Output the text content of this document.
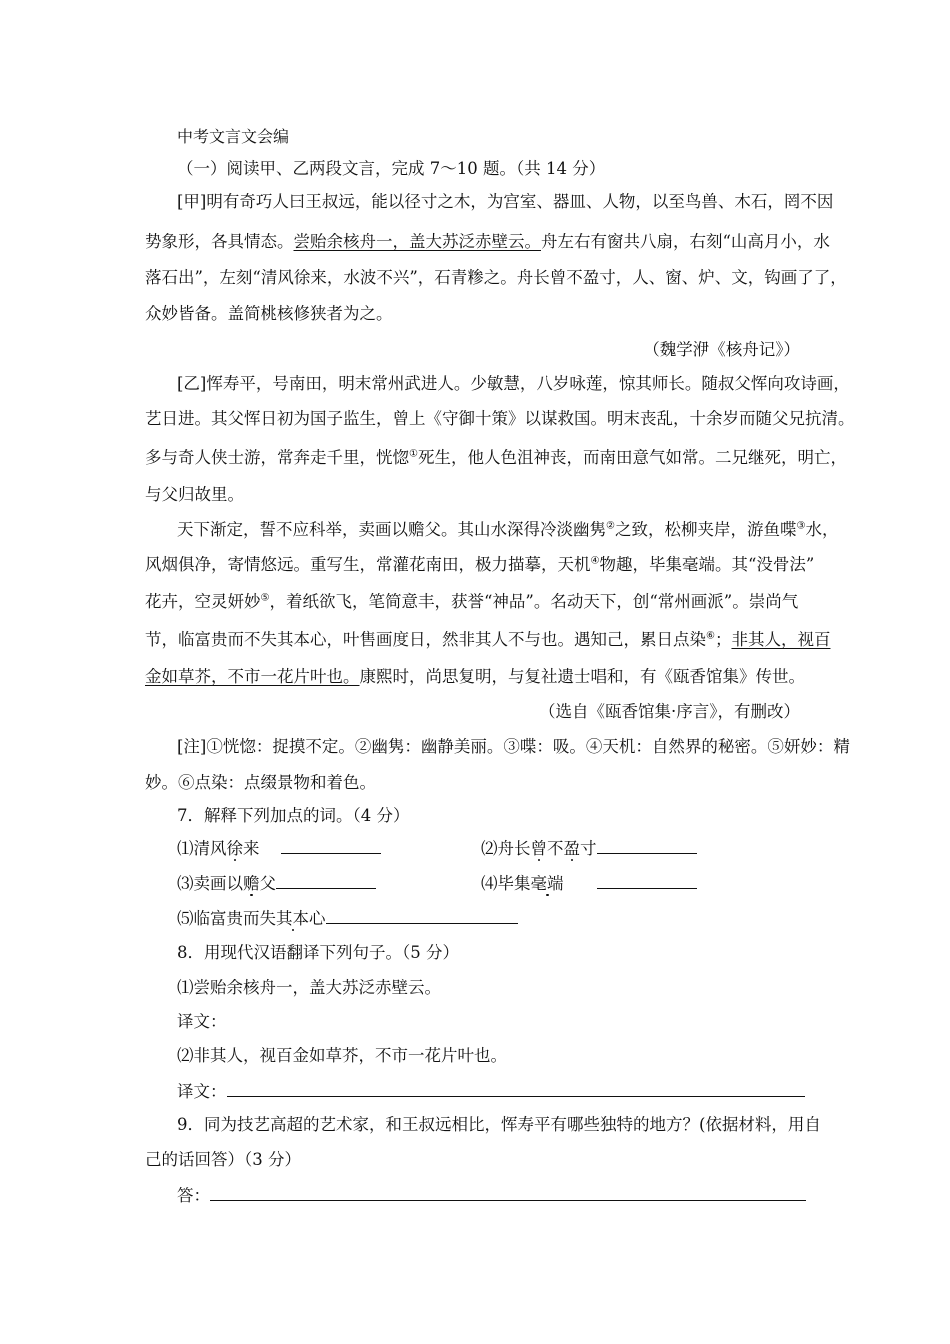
中考文言文会编
（一）阅读甲、乙两段文言，完成 7～10 题。（共 14 分）
[甲]明有奇巧人曰王叔远，能以径寸之木，为宫室、器皿、人物，以至鸟兽、木石，罔不因
势象形，各具情态。尝贻余核舟一，盖大苏泛赤壁云。舟左右有窗共八扇，右刻“山高月小，水
落石出”，左刻“清风徐来，水波不兴”，石青糁之。舟长曾不盈寸，人、窗、炉、文，钩画了了，
众妙皆备。盖简桃核修狭者为之。
（魏学洢《核舟记》）
[乙]恽寿平，号南田，明末常州武进人。少敏慧，八岁咏莲，惊其师长。随叔父恽向攻诗画，
艺日进。其父恽日初为国子监生，曾上《守御十策》以谋救国。明末丧乱，十余岁而随父兄抗清。
多与奇人侠士游，常奔走千里，恍惚①死生，他人色沮神丧，而南田意气如常。二兄继死，明亡，
与父归故里。
天下渐定，誓不应科举，卖画以赡父。其山水深得冷淡幽隽②之致，松柳夹岸，游鱼喋③水，
风烟俱净，寄情悠远。重写生，常灌花南田，极力描摹，天机④物趣，毕集毫端。其“没骨法”
花卉，空灵妍妙⑤，着纸欲飞，笔简意丰，获誉“神品”。名动天下，创“常州画派”。崇尚气
节，临富贵而不失其本心，叶售画度日，然非其人不与也。遇知己，累日点染⑥；非其人，视百
金如草芥，不市一花片叶也。康熙时，尚思复明，与复社遗士唱和，有《瓯香馆集》传世。
（选自《瓯香馆集·序言》，有删改）
[注]①恍惚：捉摸不定。②幽隽：幽静美丽。③喋：吸。④天机：自然界的秘密。⑤妍妙：精
妙。⑥点染：点缀景物和着色。
7．解释下列加点的词。（4 分）
⑴清风徐来	⑵舟长曾不盈寸
⑶卖画以赡父	⑷毕集毫端
⑸临富贵而失其本心
8．用现代汉语翻译下列句子。（5 分）
⑴尝贻余核舟一，盖大苏泛赤壁云。
译文：
⑵非其人，视百金如草芥，不市一花片叶也。
译文：
9．同为技艺高超的艺术家，和王叔远相比，恽寿平有哪些独特的地方？(依据材料，用自
己的话回答）（3 分）
答：
